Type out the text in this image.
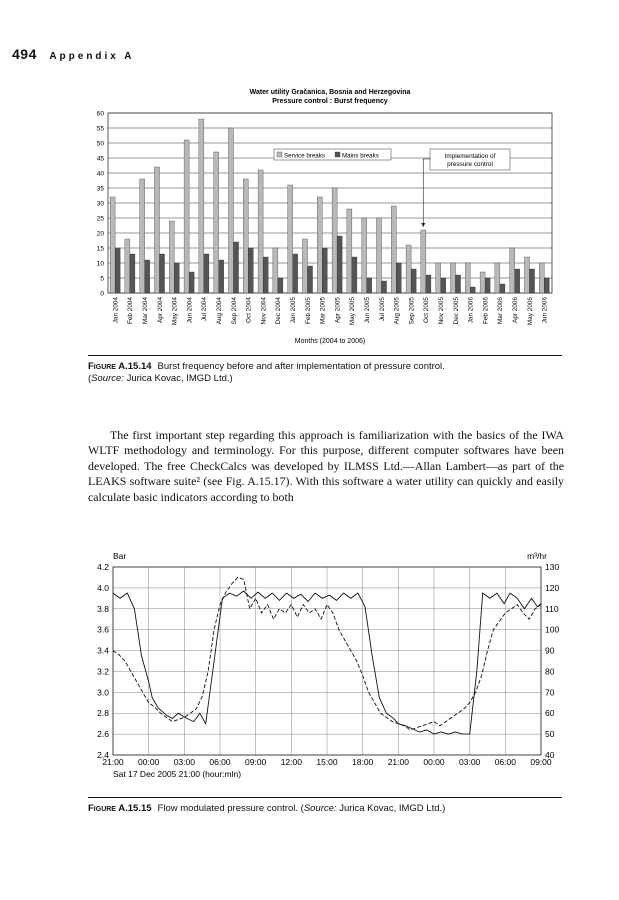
494 Appendix A
Water utility Gračanica, Bosnia and Herzegovina
Pressure control : Burst frequency
0
5
10
15
20
25
30
35
40
45
50
55
60
Jan 2004 Feb 2004 Mar 2004 Apr 2004 May 2004 Jun 2004 Jul 2004 Aug 2004 Sep 2004 Oct 2004 Nov 2004 Dec 2004 Jan 2005 Feb 2005 Mar 2005 Apr 2005 May 2005 Jun 2005 Jul 2005 Aug 2005 Sep 2005 Oct 2005 Nov 2005 Dec 2005 Jan 2006 Feb 2006 Mar 2006 Apr 2006 May 2006 Jun 2006
Months (2004 to 2006)
Service breaks	Mains breaks	Implementation of
pressure control
Figure A.15.14 Burst frequency before and after implementation of pressure control.
(Source: Jurica Kovac, IMGD Ltd.)

The first important step regarding this approach is familiarization with the basics of the IWA WLTF methodology and terminology. For this purpose, different computer softwares have been developed. The free CheckCalcs was developed by ILMSS Ltd.—Allan Lambert—as part of the LEAKS software suite² (see Fig. A.15.17). With this software a water utility can quickly and easily calculate basic indicators according to both

Bar	m³/hr
2.4
2.6
2.8
3.0
3.2
3.4
3.6
3.8
4.0
4.2
40
50
60
70
80
90
100
110
120
130
21:00 00:00 03:00 06:00 09:00 12:00 15:00 18:00 21:00 00:00 03:00 06:00 09:00
Sat 17 Dec 2005 21:00 (hour:mln)
Figure A.15.15 Flow modulated pressure control. (Source: Jurica Kovac, IMGD Ltd.)
